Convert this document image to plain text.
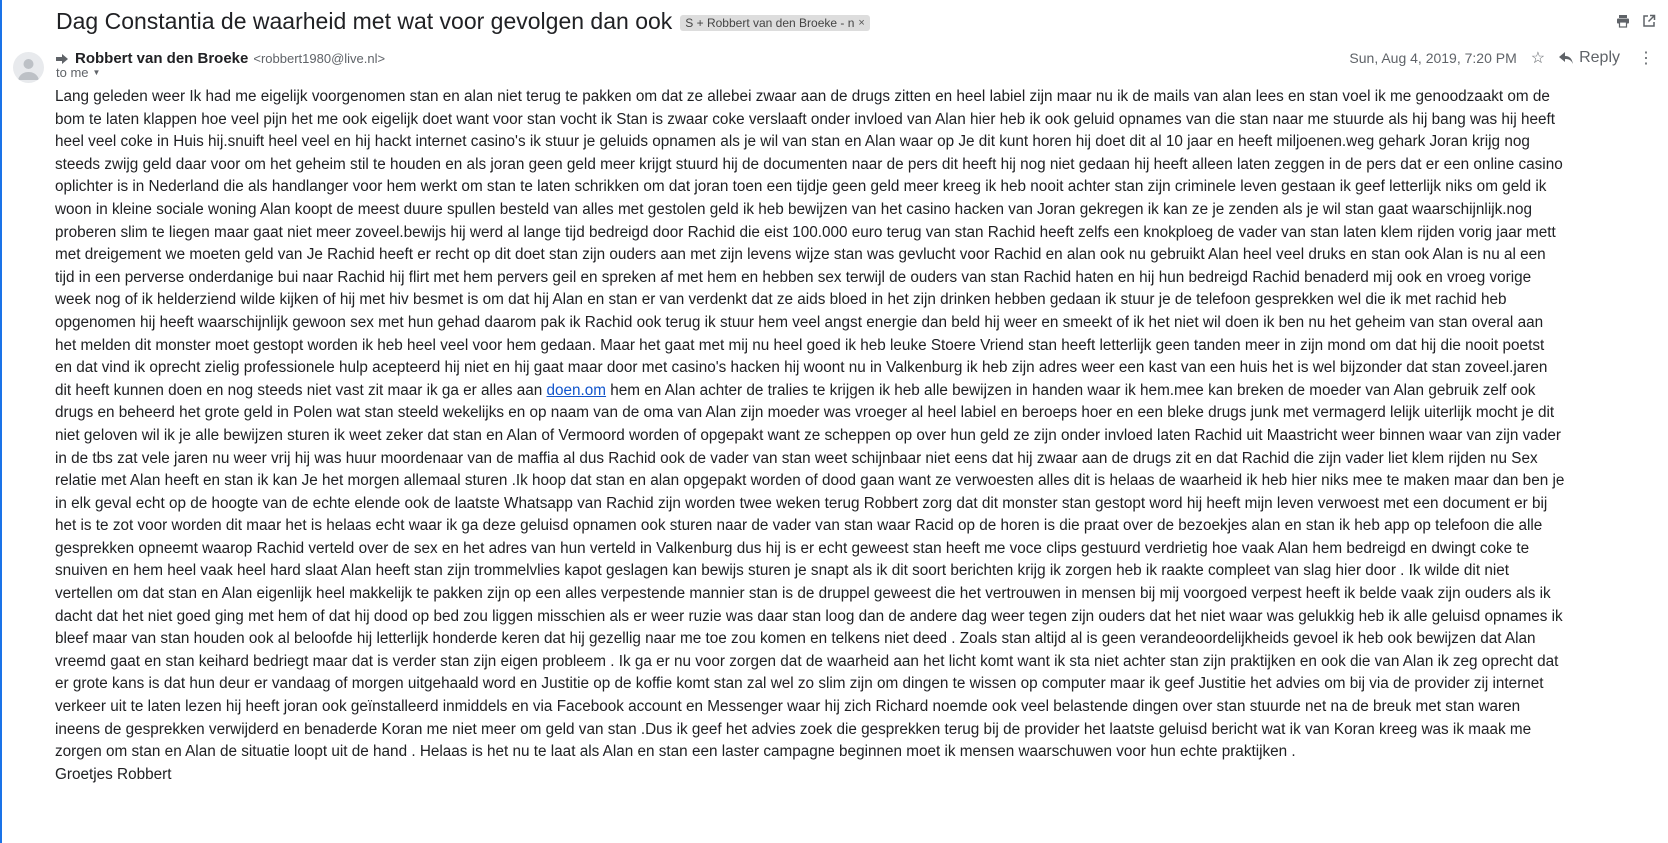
Dag Constantia de waarheid met wat voor gevolgen dan ook S + Robbert van den Broeke - n ×
Robbert van den Broeke <robbert1980@live.nl>
to me ▼
Sun, Aug 4, 2019, 7:20 PM ☆ Reply ⋮

Lang geleden weer Ik had me eigelijk voorgenomen stan en alan niet terug te pakken om dat ze allebei zwaar aan de drugs zitten en heel labiel zijn maar nu ik de mails van alan lees en stan voel ik me genoodzaakt om de bom te laten klappen hoe veel pijn het me ook eigelijk doet want voor stan vocht ik Stan is zwaar coke verslaaft onder invloed van Alan hier heb ik ook geluid opnames van die stan naar me stuurde als hij bang was hij heeft heel veel coke in Huis hij.snuift heel veel en hij hackt internet casino's ik stuur je geluids opnamen als je wil van stan en Alan waar op Je dit kunt horen hij doet dit al 10 jaar en heeft miljoenen.weg gehark Joran krijg nog steeds zwijg geld daar voor om het geheim stil te houden en als joran geen geld meer krijgt stuurd hij de documenten naar de pers dit heeft hij nog niet gedaan hij heeft alleen laten zeggen in de pers dat er een online casino oplichter is in Nederland die als handlanger voor hem werkt om stan te laten schrikken om dat joran toen een tijdje geen geld meer kreeg ik heb nooit achter stan zijn criminele leven gestaan ik geef letterlijk niks om geld ik woon in kleine sociale woning Alan koopt de meest duure spullen besteld van alles met gestolen geld ik heb bewijzen van het casino hacken van Joran gekregen ik kan ze je zenden als je wil stan gaat waarschijnlijk.nog proberen slim te liegen maar gaat niet meer zoveel.bewijs hij werd al lange tijd bedreigd door Rachid die eist 100.000 euro terug van stan Rachid heeft zelfs een knokploeg de vader van stan laten klem rijden vorig jaar mett met dreigement we moeten geld van Je Rachid heeft er recht op dit doet stan zijn ouders aan met zijn levens wijze stan was gevlucht voor Rachid en alan ook nu gebruikt Alan heel veel druks en stan ook Alan is nu al een tijd in een perverse onderdanige bui naar Rachid hij flirt met hem pervers geil en spreken af met hem en hebben sex terwijl de ouders van stan Rachid haten en hij hun bedreigd Rachid benaderd mij ook en vroeg vorige week nog of ik helderziend wilde kijken of hij met hiv besmet is om dat hij Alan en stan er van verdenkt dat ze aids bloed in het zijn drinken hebben gedaan ik stuur je de telefoon gesprekken wel die ik met rachid heb opgenomen hij heeft waarschijnlijk gewoon sex met hun gehad daarom pak ik Rachid ook terug ik stuur hem veel angst energie dan beld hij weer en smeekt of ik het niet wil doen ik ben nu het geheim van stan overal aan het melden dit monster moet gestopt worden ik heb heel veel voor hem gedaan. Maar het gaat met mij nu heel goed ik heb leuke Stoere Vriend stan heeft letterlijk geen tanden meer in zijn mond om dat hij die nooit poetst en dat vind ik oprecht zielig professionele hulp acepteerd hij niet en hij gaat maar door met casino's hacken hij woont nu in Valkenburg ik heb zijn adres weer een kast van een huis het is wel bijzonder dat stan zoveel.jaren dit heeft kunnen doen en nog steeds niet vast zit maar ik ga er alles aan doen.om hem en Alan achter de tralies te krijgen ik heb alle bewijzen in handen waar ik hem.mee kan breken de moeder van Alan gebruik zelf ook drugs en beheerd het grote geld in Polen wat stan steeld wekelijks en op naam van de oma van Alan zijn moeder was vroeger al heel labiel en beroeps hoer en een bleke drugs junk met vermagerd lelijk uiterlijk mocht je dit niet geloven wil ik je alle bewijzen sturen ik weet zeker dat stan en Alan of Vermoord worden of opgepakt want ze scheppen op over hun geld ze zijn onder invloed laten Rachid uit Maastricht weer binnen waar van zijn vader in de tbs zat vele jaren nu weer vrij hij was huur moordenaar van de maffia al dus Rachid ook de vader van stan weet schijnbaar niet eens dat hij zwaar aan de drugs zit en dat Rachid die zijn vader liet klem rijden nu Sex relatie met Alan heeft en stan ik kan Je het morgen allemaal sturen .Ik hoop dat stan en alan opgepakt worden of dood gaan want ze verwoesten alles dit is helaas de waarheid ik heb hier niks mee te maken maar dan ben je in elk geval echt op de hoogte van de echte elende ook de laatste Whatsapp van Rachid zijn worden twee weken terug Robbert zorg dat dit monster stan gestopt word hij heeft mijn leven verwoest met een document er bij het is te zot voor worden dit maar het is helaas echt waar ik ga deze geluisd opnamen ook sturen naar de vader van stan waar Racid op de horen is die praat over de bezoekjes alan en stan ik heb app op telefoon die alle gesprekken opneemt waarop Rachid verteld over de sex en het adres van hun verteld in Valkenburg dus hij is er echt geweest stan heeft me voce clips gestuurd verdrietig hoe vaak Alan hem bedreigd en dwingt coke te snuiven en hem heel vaak heel hard slaat Alan heeft stan zijn trommelvlies kapot geslagen kan bewijs sturen je snapt als ik dit soort berichten krijg ik zorgen heb ik raakte compleet van slag hier door . Ik wilde dit niet vertellen om dat stan en Alan eigenlijk heel makkelijk te pakken zijn op een alles verpestende mannier stan is de druppel geweest die het vertrouwen in mensen bij mij voorgoed verpest heeft ik belde vaak zijn ouders als ik dacht dat het niet goed ging met hem of dat hij dood op bed zou liggen misschien als er weer ruzie was daar stan loog dan de andere dag weer tegen zijn ouders dat het niet waar was gelukkig heb ik alle geluisd opnames ik bleef maar van stan houden ook al beloofde hij letterlijk honderde keren dat hij gezellig naar me toe zou komen en telkens niet deed . Zoals stan altijd al is geen verandeoordelijkheids gevoel ik heb ook bewijzen dat Alan vreemd gaat en stan keihard bedriegt maar dat is verder stan zijn eigen probleem . Ik ga er nu voor zorgen dat de waarheid aan het licht komt want ik sta niet achter stan zijn praktijken en ook die van Alan ik zeg oprecht dat er grote kans is dat hun deur er vandaag of morgen uitgehaald word en Justitie op de koffie komt stan zal wel zo slim zijn om dingen te wissen op computer maar ik geef Justitie het advies om bij via de provider zij internet verkeer uit te laten lezen hij heeft joran ook geïnstalleerd inmiddels en via Facebook account en Messenger waar hij zich Richard noemde ook veel belastende dingen over stan stuurde net na de breuk met stan waren ineens de gesprekken verwijderd en benaderde Koran me niet meer om geld van stan .Dus ik geef het advies zoek die gesprekken terug bij de provider het laatste geluisd bericht wat ik van Koran kreeg was ik maak me zorgen om stan en Alan de situatie loopt uit de hand . Helaas is het nu te laat als Alan en stan een laster campagne beginnen moet ik mensen waarschuwen voor hun echte praktijken .

Groetjes Robbert
